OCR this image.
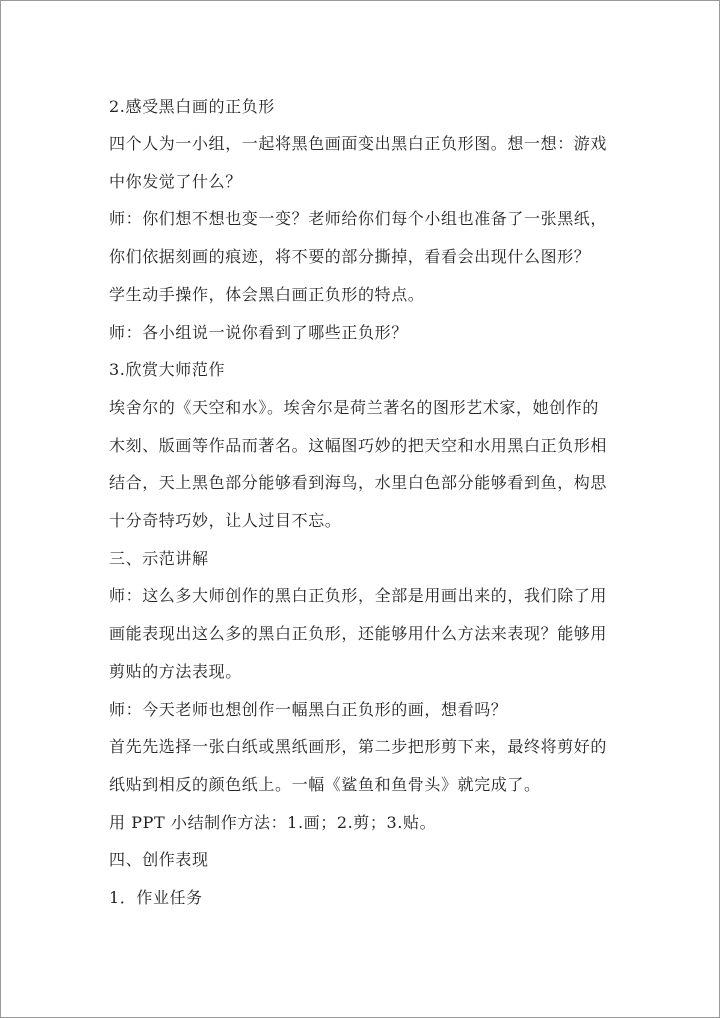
2.感受黑白画的正负形
四个人为一小组，一起将黑色画面变出黑白正负形图。想一想：游戏
中你发觉了什么？
师：你们想不想也变一变？老师给你们每个小组也准备了一张黑纸，
你们依据刻画的痕迹，将不要的部分撕掉，看看会出现什么图形？
学生动手操作，体会黑白画正负形的特点。
师：各小组说一说你看到了哪些正负形？
3.欣赏大师范作
埃舍尔的《天空和水》。埃舍尔是荷兰著名的图形艺术家，她创作的
木刻、版画等作品而著名。这幅图巧妙的把天空和水用黑白正负形相
结合，天上黑色部分能够看到海鸟，水里白色部分能够看到鱼，构思
十分奇特巧妙，让人过目不忘。
三、示范讲解
师：这么多大师创作的黑白正负形，全部是用画出来的，我们除了用
画能表现出这么多的黑白正负形，还能够用什么方法来表现？能够用
剪贴的方法表现。
师：今天老师也想创作一幅黑白正负形的画，想看吗？
首先先选择一张白纸或黑纸画形，第二步把形剪下来，最终将剪好的
纸贴到相反的颜色纸上。一幅《鲨鱼和鱼骨头》就完成了。
用 PPT 小结制作方法：1.画；2.剪；3.贴。
四、创作表现
1．作业任务
